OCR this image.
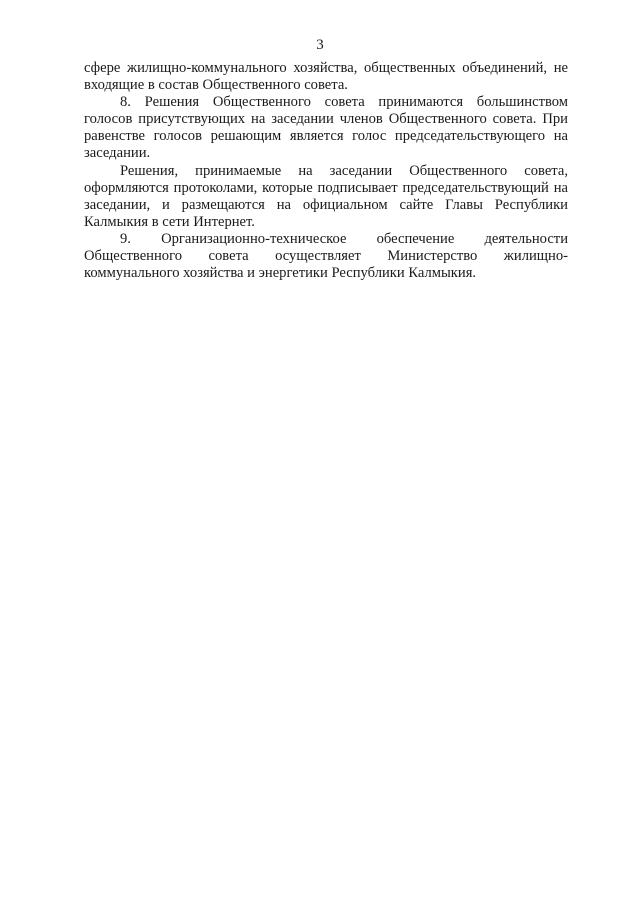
3

сфере жилищно-коммунального хозяйства, общественных объединений, не входящие в состав Общественного совета.

8. Решения Общественного совета принимаются большинством голосов присутствующих на заседании членов Общественного совета. При равенстве голосов решающим является голос председательствующего на заседании.

Решения, принимаемые на заседании Общественного совета, оформляются протоколами, которые подписывает председательствующий на заседании, и размещаются на официальном сайте Главы Республики Калмыкия в сети Интернет.

9. Организационно-техническое обеспечение деятельности Общественного совета осуществляет Министерство жилищно-коммунального хозяйства и энергетики Республики Калмыкия.
